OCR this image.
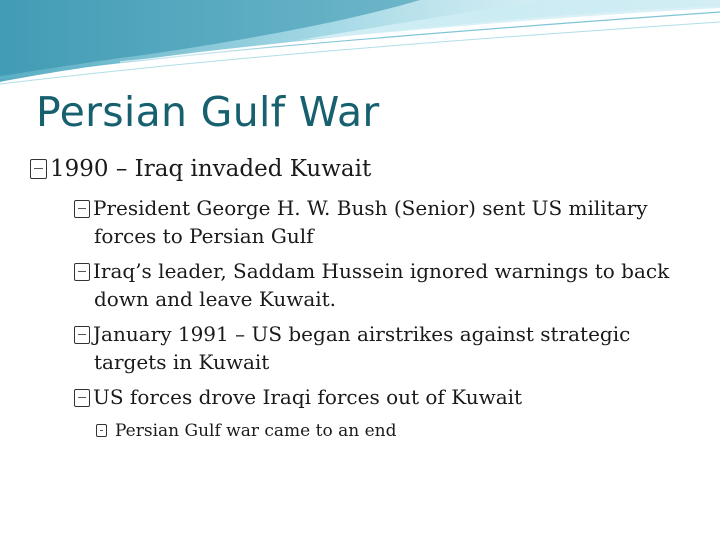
Persian Gulf War
1990 – Iraq invaded Kuwait
President George H. W. Bush (Senior) sent US military
forces to Persian Gulf
Iraq’s leader, Saddam Hussein ignored warnings to back
down and leave Kuwait.
January 1991 – US began airstrikes against strategic
targets in Kuwait
US forces drove Iraqi forces out of Kuwait
Persian Gulf war came to an end
